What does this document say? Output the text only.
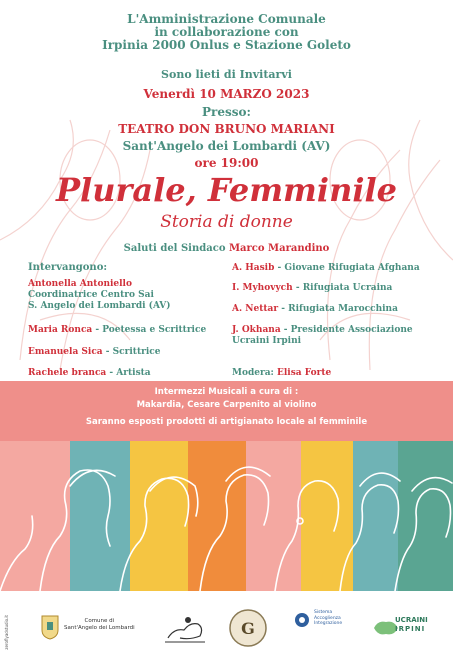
L'Amministrazione Comunale
in collaborazione con
Irpinia 2000 Onlus e Stazione Goleto
Sono lieti di Invitarvi
Venerdì 10 MARZO 2023
Presso:
TEATRO DON BRUNO MARIANI
Sant'Angelo dei Lombardi (AV)
ore 19:00
Plurale, Femminile
Storia di donne
Saluti del Sindaco Marco Marandino
Intervangono:
Antonella Antoniello
Coordinatrice Centro Sai
S. Angelo dei Lombardi (AV)
Maria Ronca - Poetessa e Scrittrice
Emanuela Sica - Scrittrice
Rachele branca - Artista
A. Hasib - Giovane Rifugiata Afghana
I. Myhovych - Rifugiata Ucraina
A. Nettar - Rifugiata Marocchina
J. Okhana - Presidente Associazione
Ucraini Irpini
Modera: Elisa Forte
Intermezzi Musicali a cura di :
Makardia, Cesare Carpenito al violino
Saranno esposti prodotti di artigianato locale al femminile
Comune di
Sant'Angelo dei Lombardi	G
Sistema
Accoglienza
Integrazione	UCRAINI
IRPINI
zeroflyadstudio.it
